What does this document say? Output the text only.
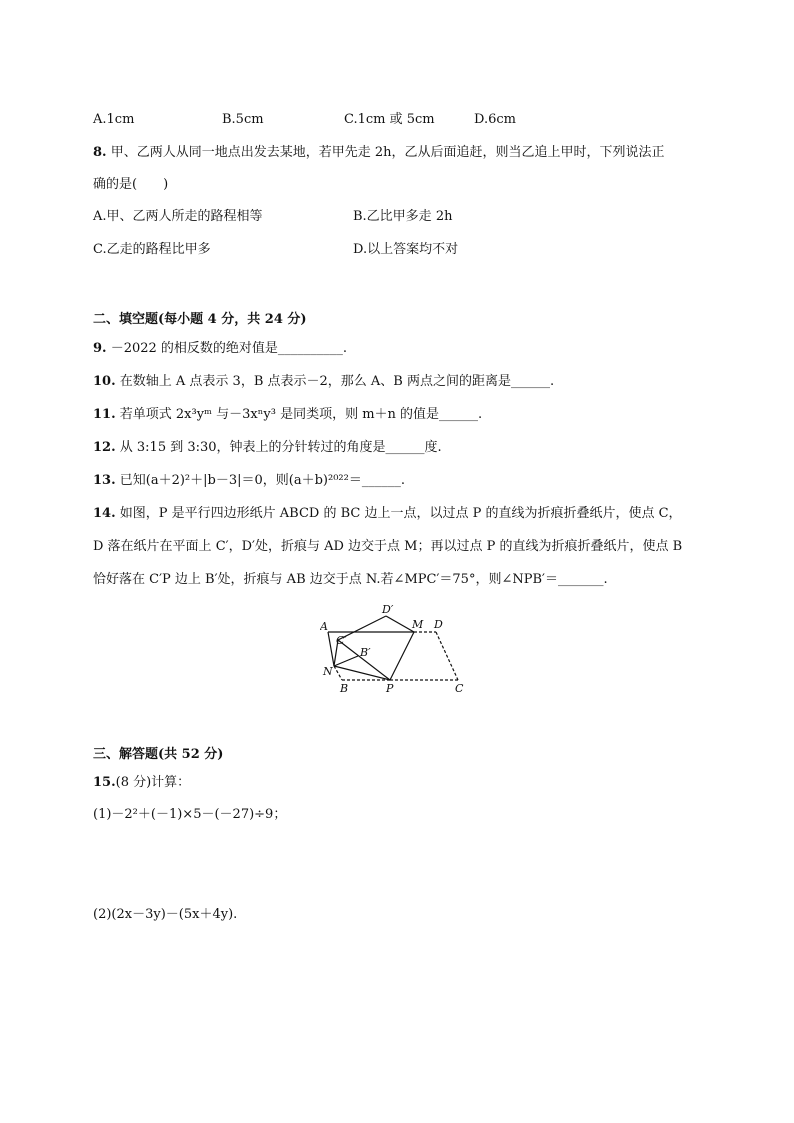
A.1cm	B.5cm	C.1cm 或 5cm	D.6cm
8. 甲、乙两人从同一地点出发去某地，若甲先走 2h，乙从后面追赶，则当乙追上甲时，下列说法正
确的是(　　)
A.甲、乙两人所走的路程相等	B.乙比甲多走 2h
C.乙走的路程比甲多	D.以上答案均不对
二、填空题(每小题 4 分，共 24 分)
9. －2022 的相反数的绝对值是__________.
10. 在数轴上 A 点表示 3，B 点表示－2，那么 A、B 两点之间的距离是______.
11. 若单项式 2x³yᵐ 与－3xⁿy³ 是同类项，则 m＋n 的值是______.
12. 从 3:15 到 3:30，钟表上的分针转过的角度是______度.
13. 已知(a＋2)²＋|b－3|＝0，则(a＋b)²⁰²²＝______.
14. 如图，P 是平行四边形纸片 ABCD 的 BC 边上一点，以过点 P 的直线为折痕折叠纸片，使点 C，
D 落在纸片在平面上 C′，D′处，折痕与 AD 边交于点 M；再以过点 P 的直线为折痕折叠纸片，使点 B
恰好落在 C′P 边上 B′处，折痕与 AB 边交于点 N.若∠MPC′＝75°，则∠NPB′＝_______.
A
D′
M D
C′
B′
N
B	P	C
三、解答题(共 52 分)
15.(8 分)计算：
(1)－2²＋(－1)×5－(－27)÷9；
(2)(2x－3y)－(5x＋4y).
